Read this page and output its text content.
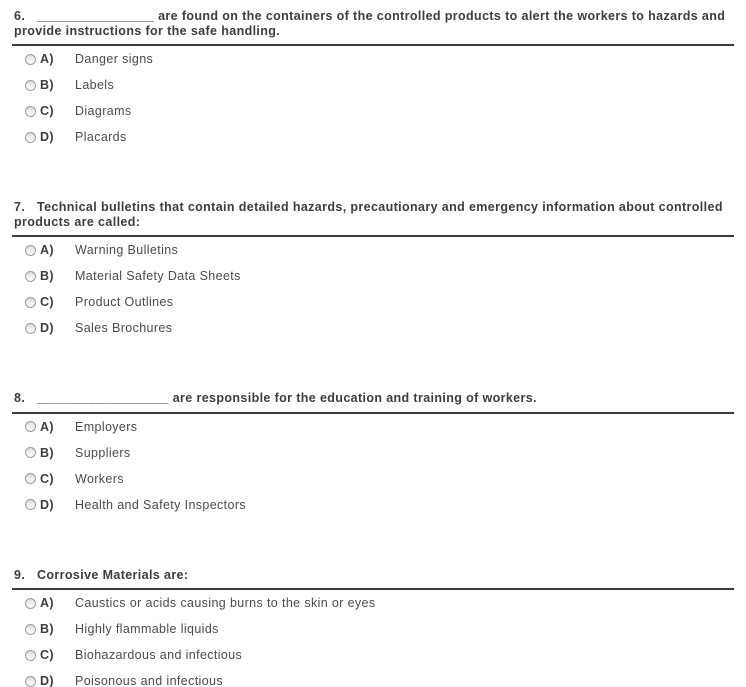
6. ________________ are found on the containers of the controlled products to alert the workers to hazards and provide instructions for the safe handling.

A)	Danger signs
B)	Labels
C)	Diagrams
D)	Placards

7. Technical bulletins that contain detailed hazards, precautionary and emergency information about controlled products are called:

A)	Warning Bulletins
B)	Material Safety Data Sheets
C)	Product Outlines
D)	Sales Brochures

8. __________________ are responsible for the education and training of workers.

A)	Employers
B)	Suppliers
C)	Workers
D)	Health and Safety Inspectors

9. Corrosive Materials are:

A)	Caustics or acids causing burns to the skin or eyes
B)	Highly flammable liquids
C)	Biohazardous and infectious
D)	Poisonous and infectious
